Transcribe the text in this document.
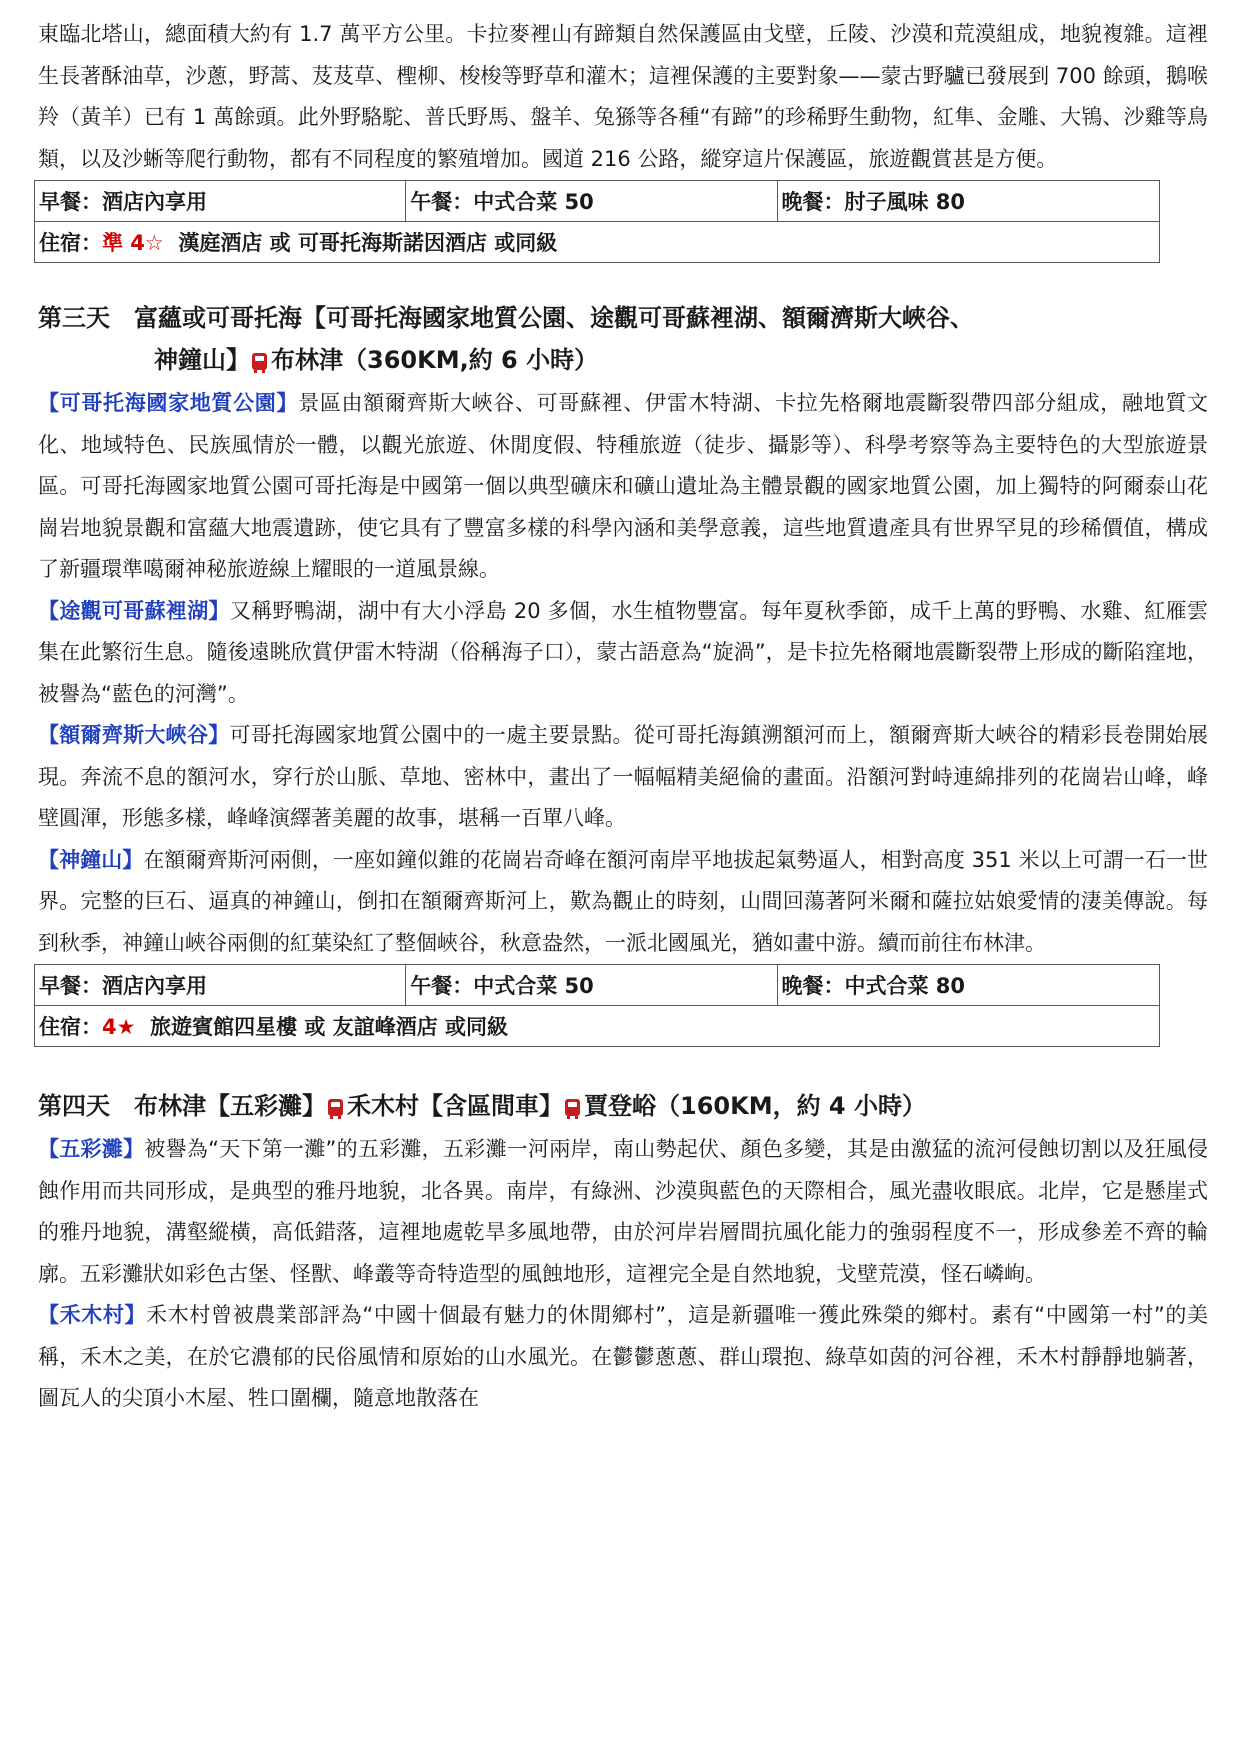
東臨北塔山，總面積大約有 1.7 萬平方公里。卡拉麥裡山有蹄類自然保護區由戈壁，丘陵、沙漠和荒漠組成，地貌複雜。這裡生長著酥油草，沙蔥，野蒿、芨芨草、檉柳、梭梭等野草和灌木；這裡保護的主要對象——蒙古野驢已發展到 700 餘頭，鵝喉羚（黃羊）已有 1 萬餘頭。此外野駱駝、普氏野馬、盤羊、兔猻等各種“有蹄”的珍稀野生動物，紅隼、金雕、大鴇、沙雞等鳥類，以及沙蜥等爬行動物，都有不同程度的繁殖增加。國道 216 公路，縱穿這片保護區，旅遊觀賞甚是方便。

早餐：酒店內享用	午餐：中式合菜 50	晚餐：肘子風味 80
住宿：準 4☆ 漢庭酒店 或 可哥托海斯諾因酒店 或同級
第三天　富蘊或可哥托海【可哥托海國家地質公園、途觀可哥蘇裡湖、額爾濟斯大峽谷、
神鐘山】 布林津（360KM,約 6 小時）

【可哥托海國家地質公園】景區由額爾齊斯大峽谷、可哥蘇裡、伊雷木特湖、卡拉先格爾地震斷裂帶四部分組成，融地質文化、地域特色、民族風情於一體，以觀光旅遊、休閒度假、特種旅遊（徒步、攝影等）、科學考察等為主要特色的大型旅遊景區。可哥托海國家地質公園可哥托海是中國第一個以典型礦床和礦山遺址為主體景觀的國家地質公園，加上獨特的阿爾泰山花崗岩地貌景觀和富蘊大地震遺跡，使它具有了豐富多樣的科學內涵和美學意義，這些地質遺產具有世界罕見的珍稀價值，構成了新疆環準噶爾神秘旅遊線上耀眼的一道風景線。

【途觀可哥蘇裡湖】又稱野鴨湖，湖中有大小浮島 20 多個，水生植物豐富。每年夏秋季節，成千上萬的野鴨、水雞、紅雁雲集在此繁衍生息。隨後遠眺欣賞伊雷木特湖（俗稱海子口），蒙古語意為“旋渦”，是卡拉先格爾地震斷裂帶上形成的斷陷窪地，被譽為“藍色的河灣”。

【額爾齊斯大峽谷】可哥托海國家地質公園中的一處主要景點。從可哥托海鎮溯額河而上，額爾齊斯大峽谷的精彩長卷開始展現。奔流不息的額河水，穿行於山脈、草地、密林中，畫出了一幅幅精美絕倫的畫面。沿額河對峙連綿排列的花崗岩山峰，峰壁圓渾，形態多樣，峰峰演繹著美麗的故事，堪稱一百單八峰。

【神鐘山】在額爾齊斯河兩側，一座如鐘似錐的花崗岩奇峰在額河南岸平地拔起氣勢逼人，相對高度 351 米以上可謂一石一世界。完整的巨石、逼真的神鐘山，倒扣在額爾齊斯河上，歎為觀止的時刻，山間回蕩著阿米爾和薩拉姑娘愛情的淒美傳說。每到秋季，神鐘山峽谷兩側的紅葉染紅了整個峽谷，秋意盎然，一派北國風光，猶如畫中游。續而前往布林津。

早餐：酒店內享用	午餐：中式合菜 50	晚餐：中式合菜 80
住宿：4★ 旅遊賓館四星樓 或 友誼峰酒店 或同級
第四天　布林津【五彩灘】 禾木村【含區間車】 賈登峪（160KM，約 4 小時）

【五彩灘】被譽為“天下第一灘”的五彩灘，五彩灘一河兩岸，南山勢起伏、顏色多變，其是由激猛的流河侵蝕切割以及狂風侵蝕作用而共同形成，是典型的雅丹地貌，北各異。南岸，有綠洲、沙漠與藍色的天際相合，風光盡收眼底。北岸，它是懸崖式的雅丹地貌，溝壑縱橫，高低錯落，這裡地處乾旱多風地帶，由於河岸岩層間抗風化能力的強弱程度不一，形成參差不齊的輪廓。五彩灘狀如彩色古堡、怪獸、峰叢等奇特造型的風蝕地形，這裡完全是自然地貌，戈壁荒漠，怪石嶙峋。

【禾木村】禾木村曾被農業部評為“中國十個最有魅力的休閒鄉村”，這是新疆唯一獲此殊榮的鄉村。素有“中國第一村”的美稱，禾木之美，在於它濃郁的民俗風情和原始的山水風光。在鬱鬱蔥蔥、群山環抱、綠草如茵的河谷裡，禾木村靜靜地躺著，圖瓦人的尖頂小木屋、牲口圍欄，隨意地散落在
